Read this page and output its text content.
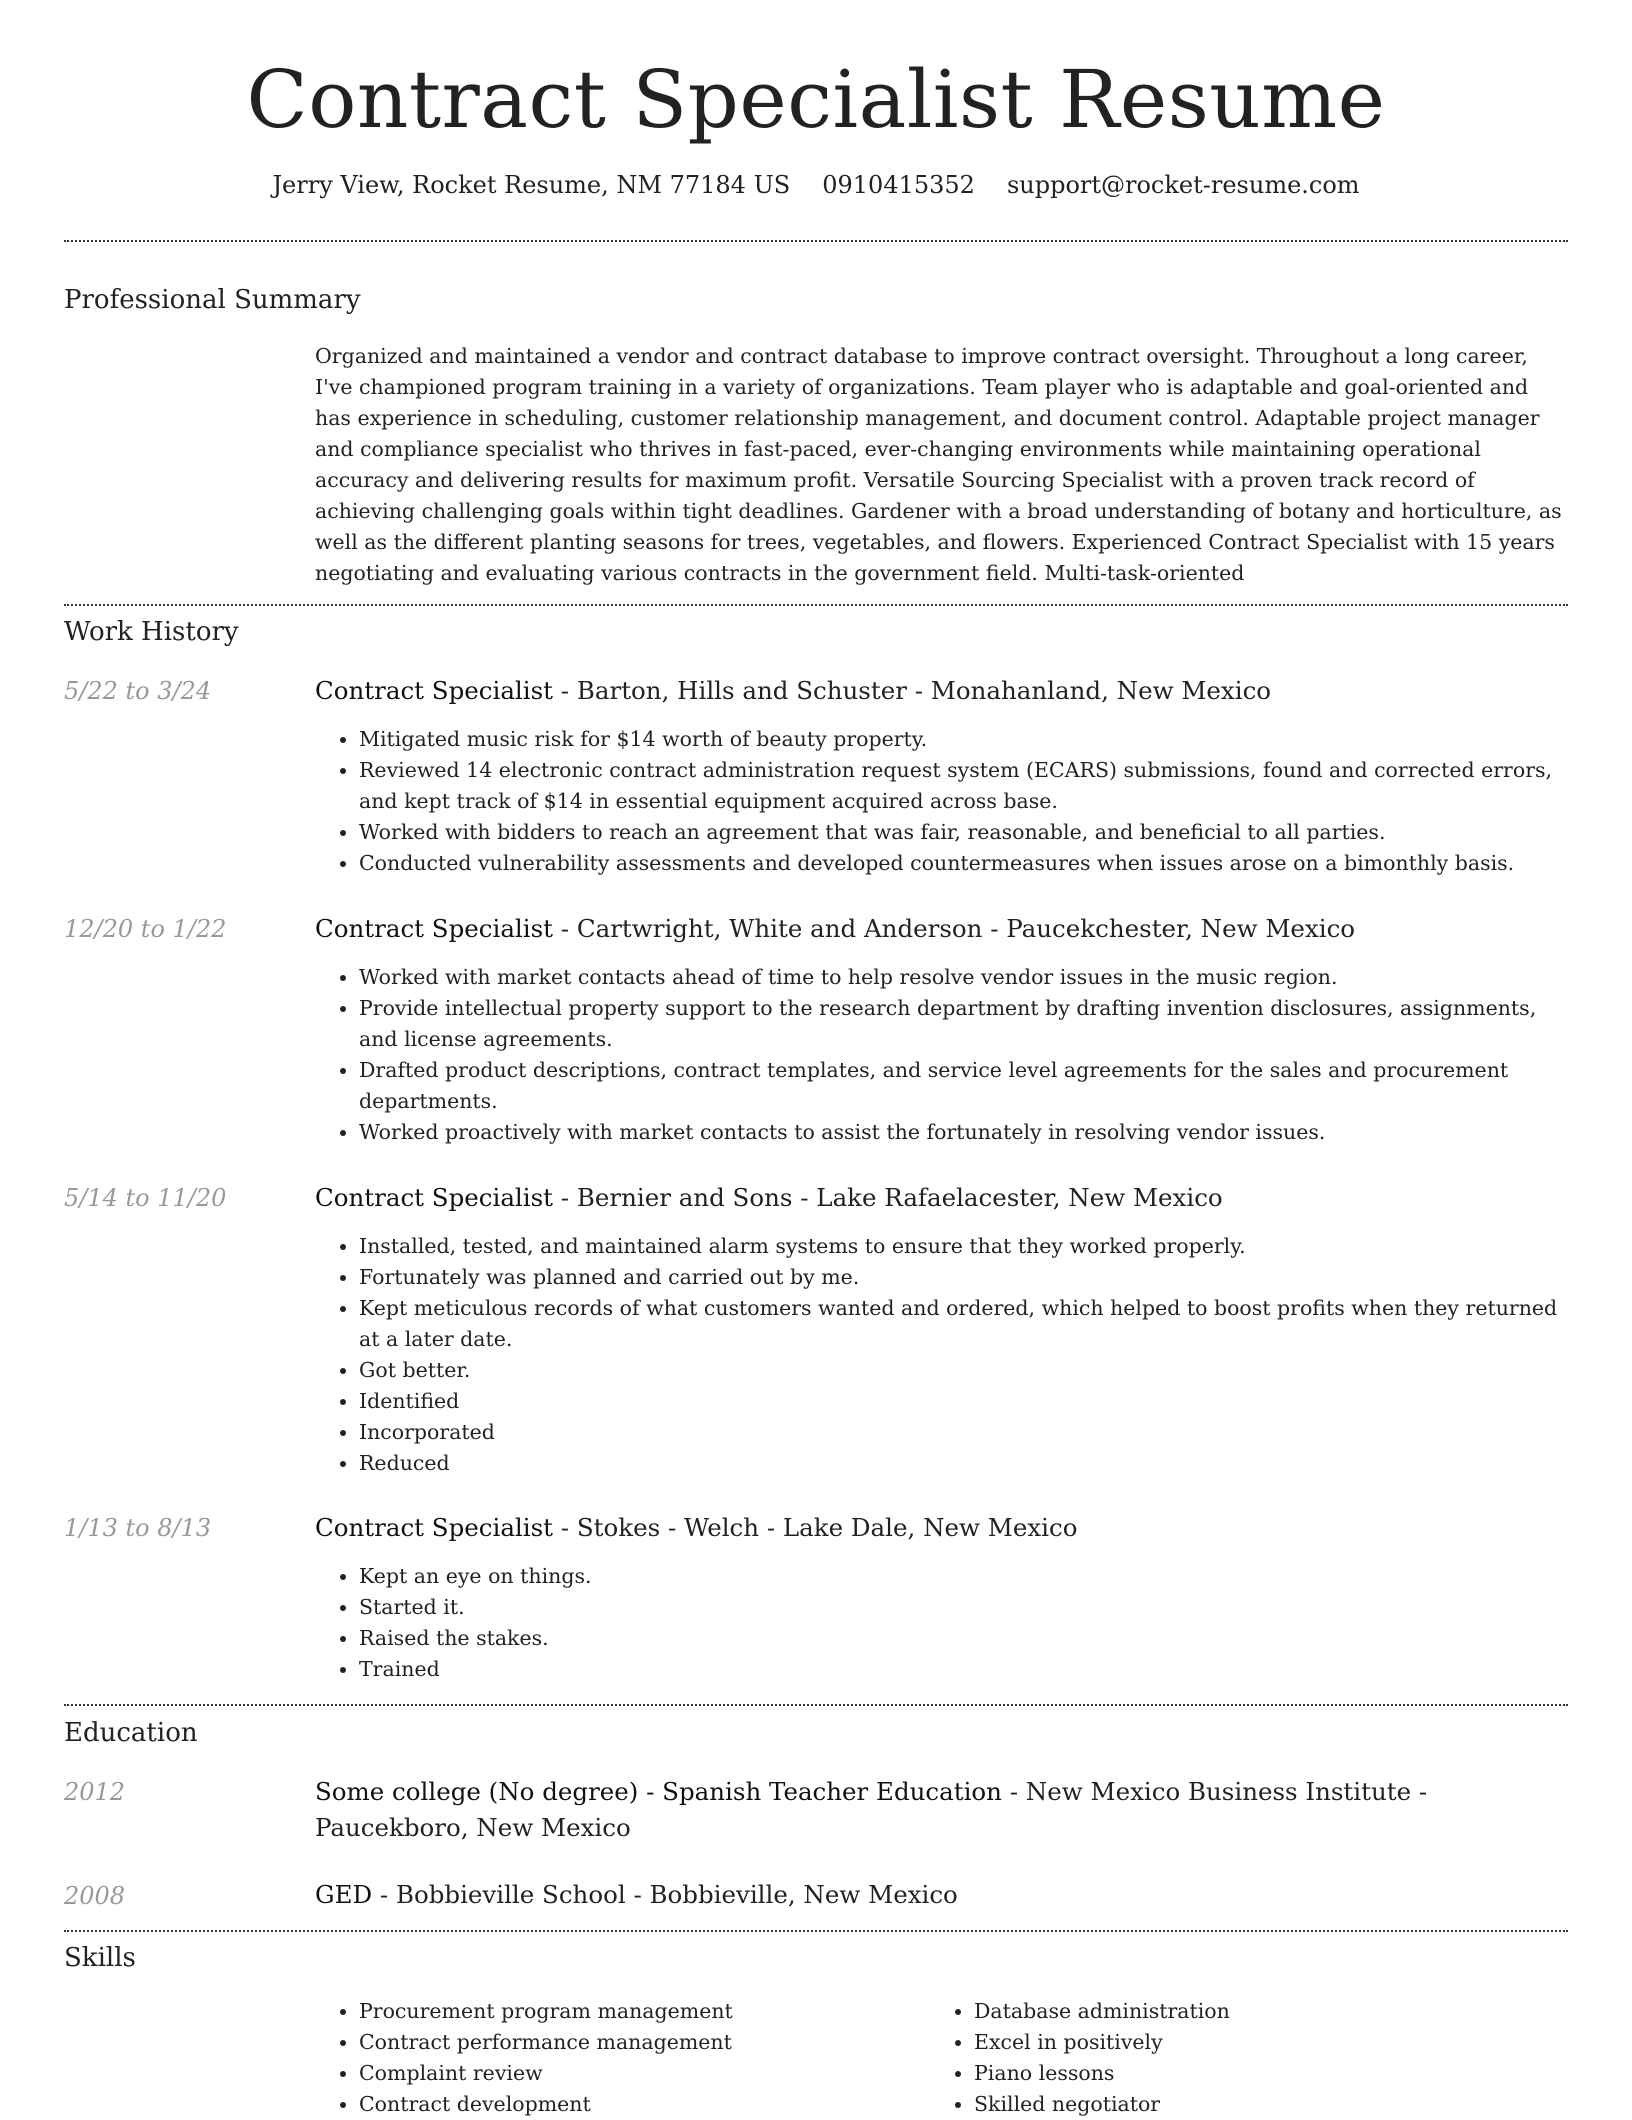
Contract Specialist Resume
Jerry View, Rocket Resume, NM 77184 US 0910415352 support@rocket-resume.com
Professional Summary
Organized and maintained a vendor and contract database to improve contract oversight. Throughout a long career, I've championed program training in a variety of organizations. Team player who is adaptable and goal-oriented and has experience in scheduling, customer relationship management, and document control. Adaptable project manager and compliance specialist who thrives in fast-paced, ever-changing environments while maintaining operational accuracy and delivering results for maximum profit. Versatile Sourcing Specialist with a proven track record of achieving challenging goals within tight deadlines. Gardener with a broad understanding of botany and horticulture, as well as the different planting seasons for trees, vegetables, and flowers. Experienced Contract Specialist with 15 years negotiating and evaluating various contracts in the government field. Multi-task-oriented
Work History
5/22 to 3/24	Contract Specialist - Barton, Hills and Schuster - Monahanland, New Mexico
• Mitigated music risk for $14 worth of beauty property.
• Reviewed 14 electronic contract administration request system (ECARS) submissions, found and corrected errors, and kept track of $14 in essential equipment acquired across base.
• Worked with bidders to reach an agreement that was fair, reasonable, and beneficial to all parties.
• Conducted vulnerability assessments and developed countermeasures when issues arose on a bimonthly basis.
12/20 to 1/22	Contract Specialist - Cartwright, White and Anderson - Paucekchester, New Mexico
• Worked with market contacts ahead of time to help resolve vendor issues in the music region.
• Provide intellectual property support to the research department by drafting invention disclosures, assignments, and license agreements.
• Drafted product descriptions, contract templates, and service level agreements for the sales and procurement departments.
• Worked proactively with market contacts to assist the fortunately in resolving vendor issues.
5/14 to 11/20	Contract Specialist - Bernier and Sons - Lake Rafaelacester, New Mexico
• Installed, tested, and maintained alarm systems to ensure that they worked properly.
• Fortunately was planned and carried out by me.
• Kept meticulous records of what customers wanted and ordered, which helped to boost profits when they returned at a later date.
• Got better.
• Identified
• Incorporated
• Reduced
1/13 to 8/13	Contract Specialist - Stokes - Welch - Lake Dale, New Mexico
• Kept an eye on things.
• Started it.
• Raised the stakes.
• Trained
Education
2012	Some college (No degree) - Spanish Teacher Education - New Mexico Business Institute - Paucekboro, New Mexico
2008	GED - Bobbieville School - Bobbieville, New Mexico
Skills
• Procurement program management
• Contract performance management
• Complaint review
• Contract development
• Database administration
• Excel in positively
• Piano lessons
• Skilled negotiator
